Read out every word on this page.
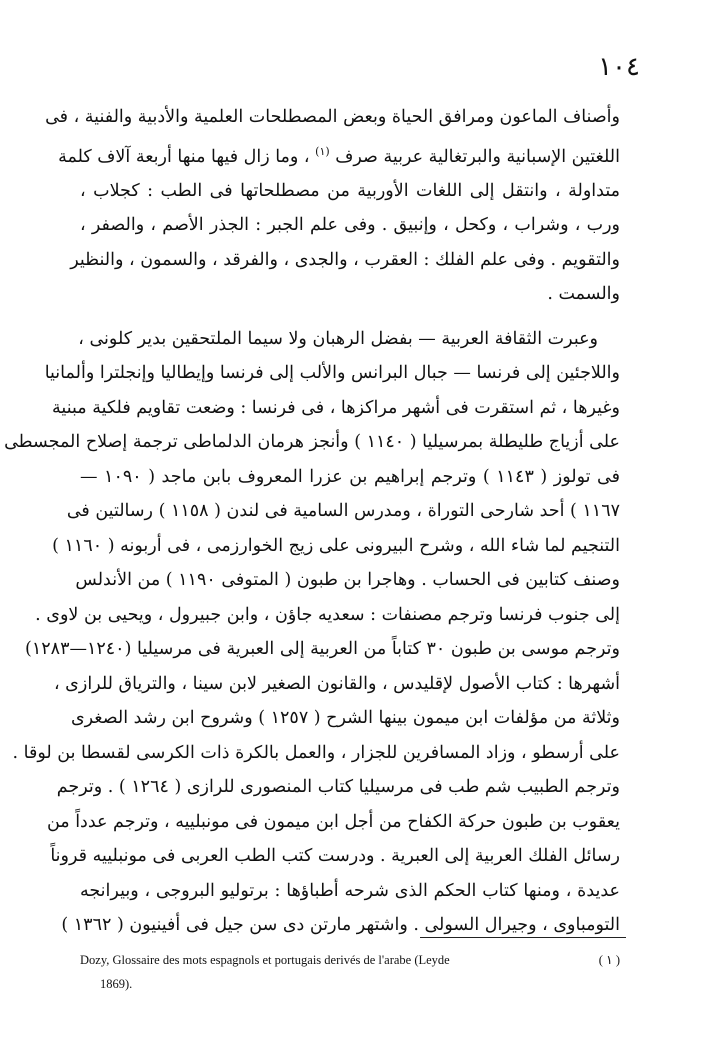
١٠٤

وأصناف الماعون ومرافق الحياة وبعض المصطلحات العلمية والأدبية والفنية ، فى
اللغتين الإسبانية والبرتغالية عربية صرف $^{(١)}$ ، وما زال فيها منها أربعة آلاف كلمة
متداولة ، وانتقل إلى اللغات الأوربية من مصطلحاتها فى الطب : كجلاب ،
ورب ، وشراب ، وكحل ، وإنبيق . وفى علم الجبر : الجذر الأصم ، والصفر ،
والتقويم . وفى علم الفلك : العقرب ، والجدى ، والفرقد ، والسمون ، والنظير
والسمت .

وعبرت الثقافة العربية — بفضل الرهبان ولا سيما الملتحقين بدير كلونى ،
واللاجئين إلى فرنسا — جبال البرانس والألب إلى فرنسا وإيطاليا وإنجلترا وألمانيا
وغيرها ، ثم استقرت فى أشهر مراكزها ، فى فرنسا : وضعت تقاويم فلكية مبنية
على أزياج طليطلة بمرسيليا ( ١١٤٠ ) وأنجز هرمان الدلماطى ترجمة إصلاح المجسطى
فى تولوز ( ١١٤٣ ) وترجم إبراهيم بن عزرا المعروف بابن ماجد ( ١٠٩٠ —
١١٦٧ ) أحد شارحى التوراة ، ومدرس السامية فى لندن ( ١١٥٨ ) رسالتين فى
التنجيم لما شاء الله ، وشرح البيرونى على زيج الخوارزمى ، فى أربونه ( ١١٦٠ )
وصنف كتابين فى الحساب . وهاجرا بن طبون ( المتوفى ١١٩٠ ) من الأندلس
إلى جنوب فرنسا وترجم مصنفات : سعديه جاؤن ، وابن جبيرول ، ويحيى بن لاوى .
وترجم موسى بن طبون ٣٠ كتاباً من العربية إلى العبرية فى مرسيليا (١٢٤٠—١٢٨٣)
أشهرها : كتاب الأصول لإقليدس ، والقانون الصغير لابن سينا ، والترياق للرازى ،
وثلاثة من مؤلفات ابن ميمون بينها الشرح ( ١٢٥٧ ) وشروح ابن رشد الصغرى
على أرسطو ، وزاد المسافرين للجزار ، والعمل بالكرة ذات الكرسى لقسطا بن لوقا .
وترجم الطبيب شم طب فى مرسيليا كتاب المنصورى للرازى ( ١٢٦٤ ) . وترجم
يعقوب بن طبون حركة الكفاح من أجل ابن ميمون فى مونبلييه ، وترجم عدداً من
رسائل الفلك العربية إلى العبرية . ودرست كتب الطب العربى فى مونبلييه قروناً
عديدة ، ومنها كتاب الحكم الذى شرحه أطباؤها : برتوليو البروجى ، وبيرانجه
التومباوى ، وجيرال السولى . واشتهر مارتن دى سن جيل فى أفينيون ( ١٣٦٢ )

Dozy, Glossaire des mots espagnols et portugais derivés de l'arabe (Leyde	( ١ )
1869).
